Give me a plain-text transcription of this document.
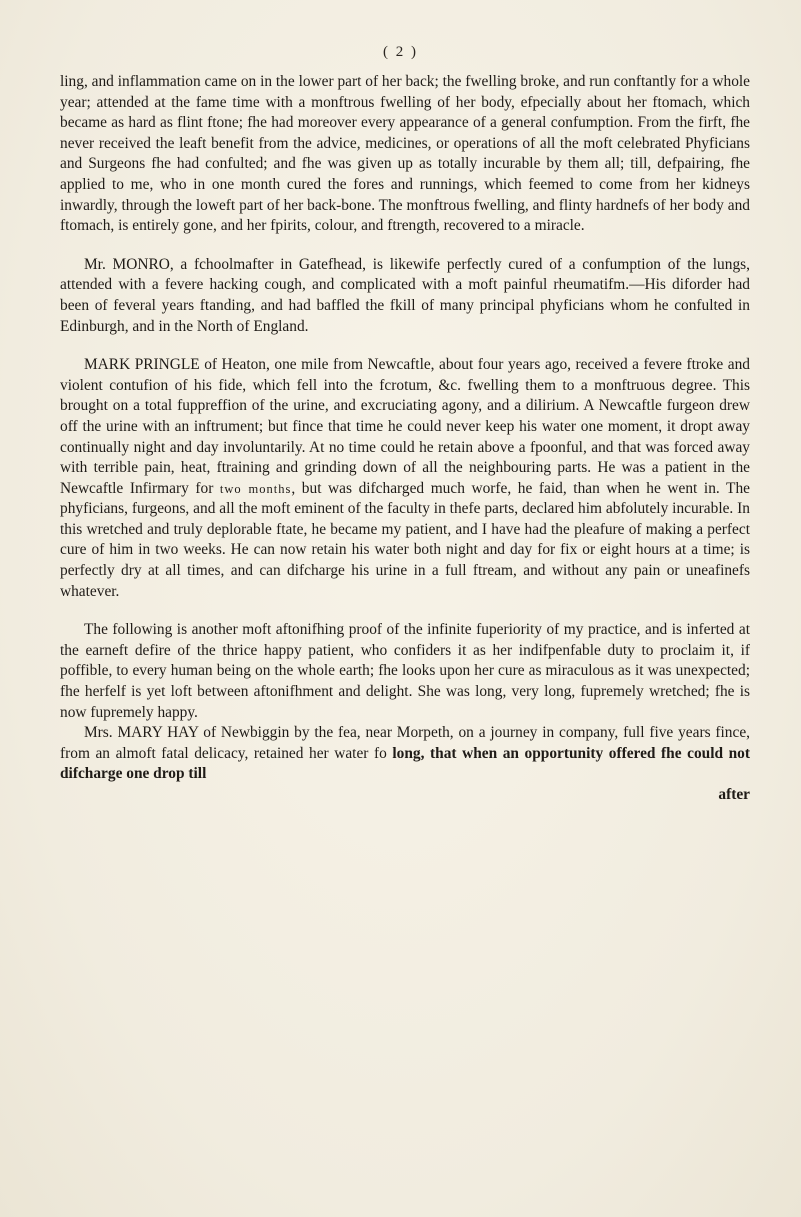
( 2 )

ling, and inflammation came on in the lower part of her back; the fwelling broke, and run conftantly for a whole year; attended at the fame time with a monftrous fwelling of her body, efpecially about her ftomach, which became as hard as flint ftone; fhe had moreover every appearance of a general confumption. From the firft, fhe never received the leaft benefit from the advice, medicines, or operations of all the moft celebrated Phyficians and Surgeons fhe had confulted; and fhe was given up as totally incurable by them all; till, defpairing, fhe applied to me, who in one month cured the fores and runnings, which feemed to come from her kidneys inwardly, through the loweft part of her back-bone. The monftrous fwelling, and flinty hardnefs of her body and ftomach, is entirely gone, and her fpirits, colour, and ftrength, recovered to a miracle.

Mr. MONRO, a fchoolmafter in Gatefhead, is likewife perfectly cured of a confumption of the lungs, attended with a fevere hacking cough, and complicated with a moft painful rheumatifm.—His diforder had been of feveral years ftanding, and had baffled the fkill of many principal phyficians whom he confulted in Edinburgh, and in the North of England.

MARK PRINGLE of Heaton, one mile from Newcaftle, about four years ago, received a fevere ftroke and violent contufion of his fide, which fell into the fcrotum, &c. fwelling them to a monftruous degree. This brought on a total fuppreffion of the urine, and excruciating agony, and a dilirium. A Newcaftle furgeon drew off the urine with an inftrument; but fince that time he could never keep his water one moment, it dropt away continually night and day involuntarily. At no time could he retain above a fpoonful, and that was forced away with terrible pain, heat, ftraining and grinding down of all the neighbouring parts. He was a patient in the Newcaftle Infirmary for two months, but was difcharged much worfe, he faid, than when he went in. The phyficians, furgeons, and all the moft eminent of the faculty in thefe parts, declared him abfolutely incurable. In this wretched and truly deplorable ftate, he became my patient, and I have had the pleafure of making a perfect cure of him in two weeks. He can now retain his water both night and day for fix or eight hours at a time; is perfectly dry at all times, and can difcharge his urine in a full ftream, and without any pain or uneafinefs whatever.

The following is another moft aftonifhing proof of the infinite fuperiority of my practice, and is inferted at the earneft defire of the thrice happy patient, who confiders it as her indifpenfable duty to proclaim it, if poffible, to every human being on the whole earth; fhe looks upon her cure as miraculous as it was unexpected; fhe herfelf is yet loft between aftonifhment and delight. She was long, very long, fupremely wretched; fhe is now fupremely happy.

Mrs. MARY HAY of Newbiggin by the fea, near Morpeth, on a journey in company, full five years fince, from an almoft fatal delicacy, retained her water fo long, that when an opportunity offered fhe could not difcharge one drop till
after
